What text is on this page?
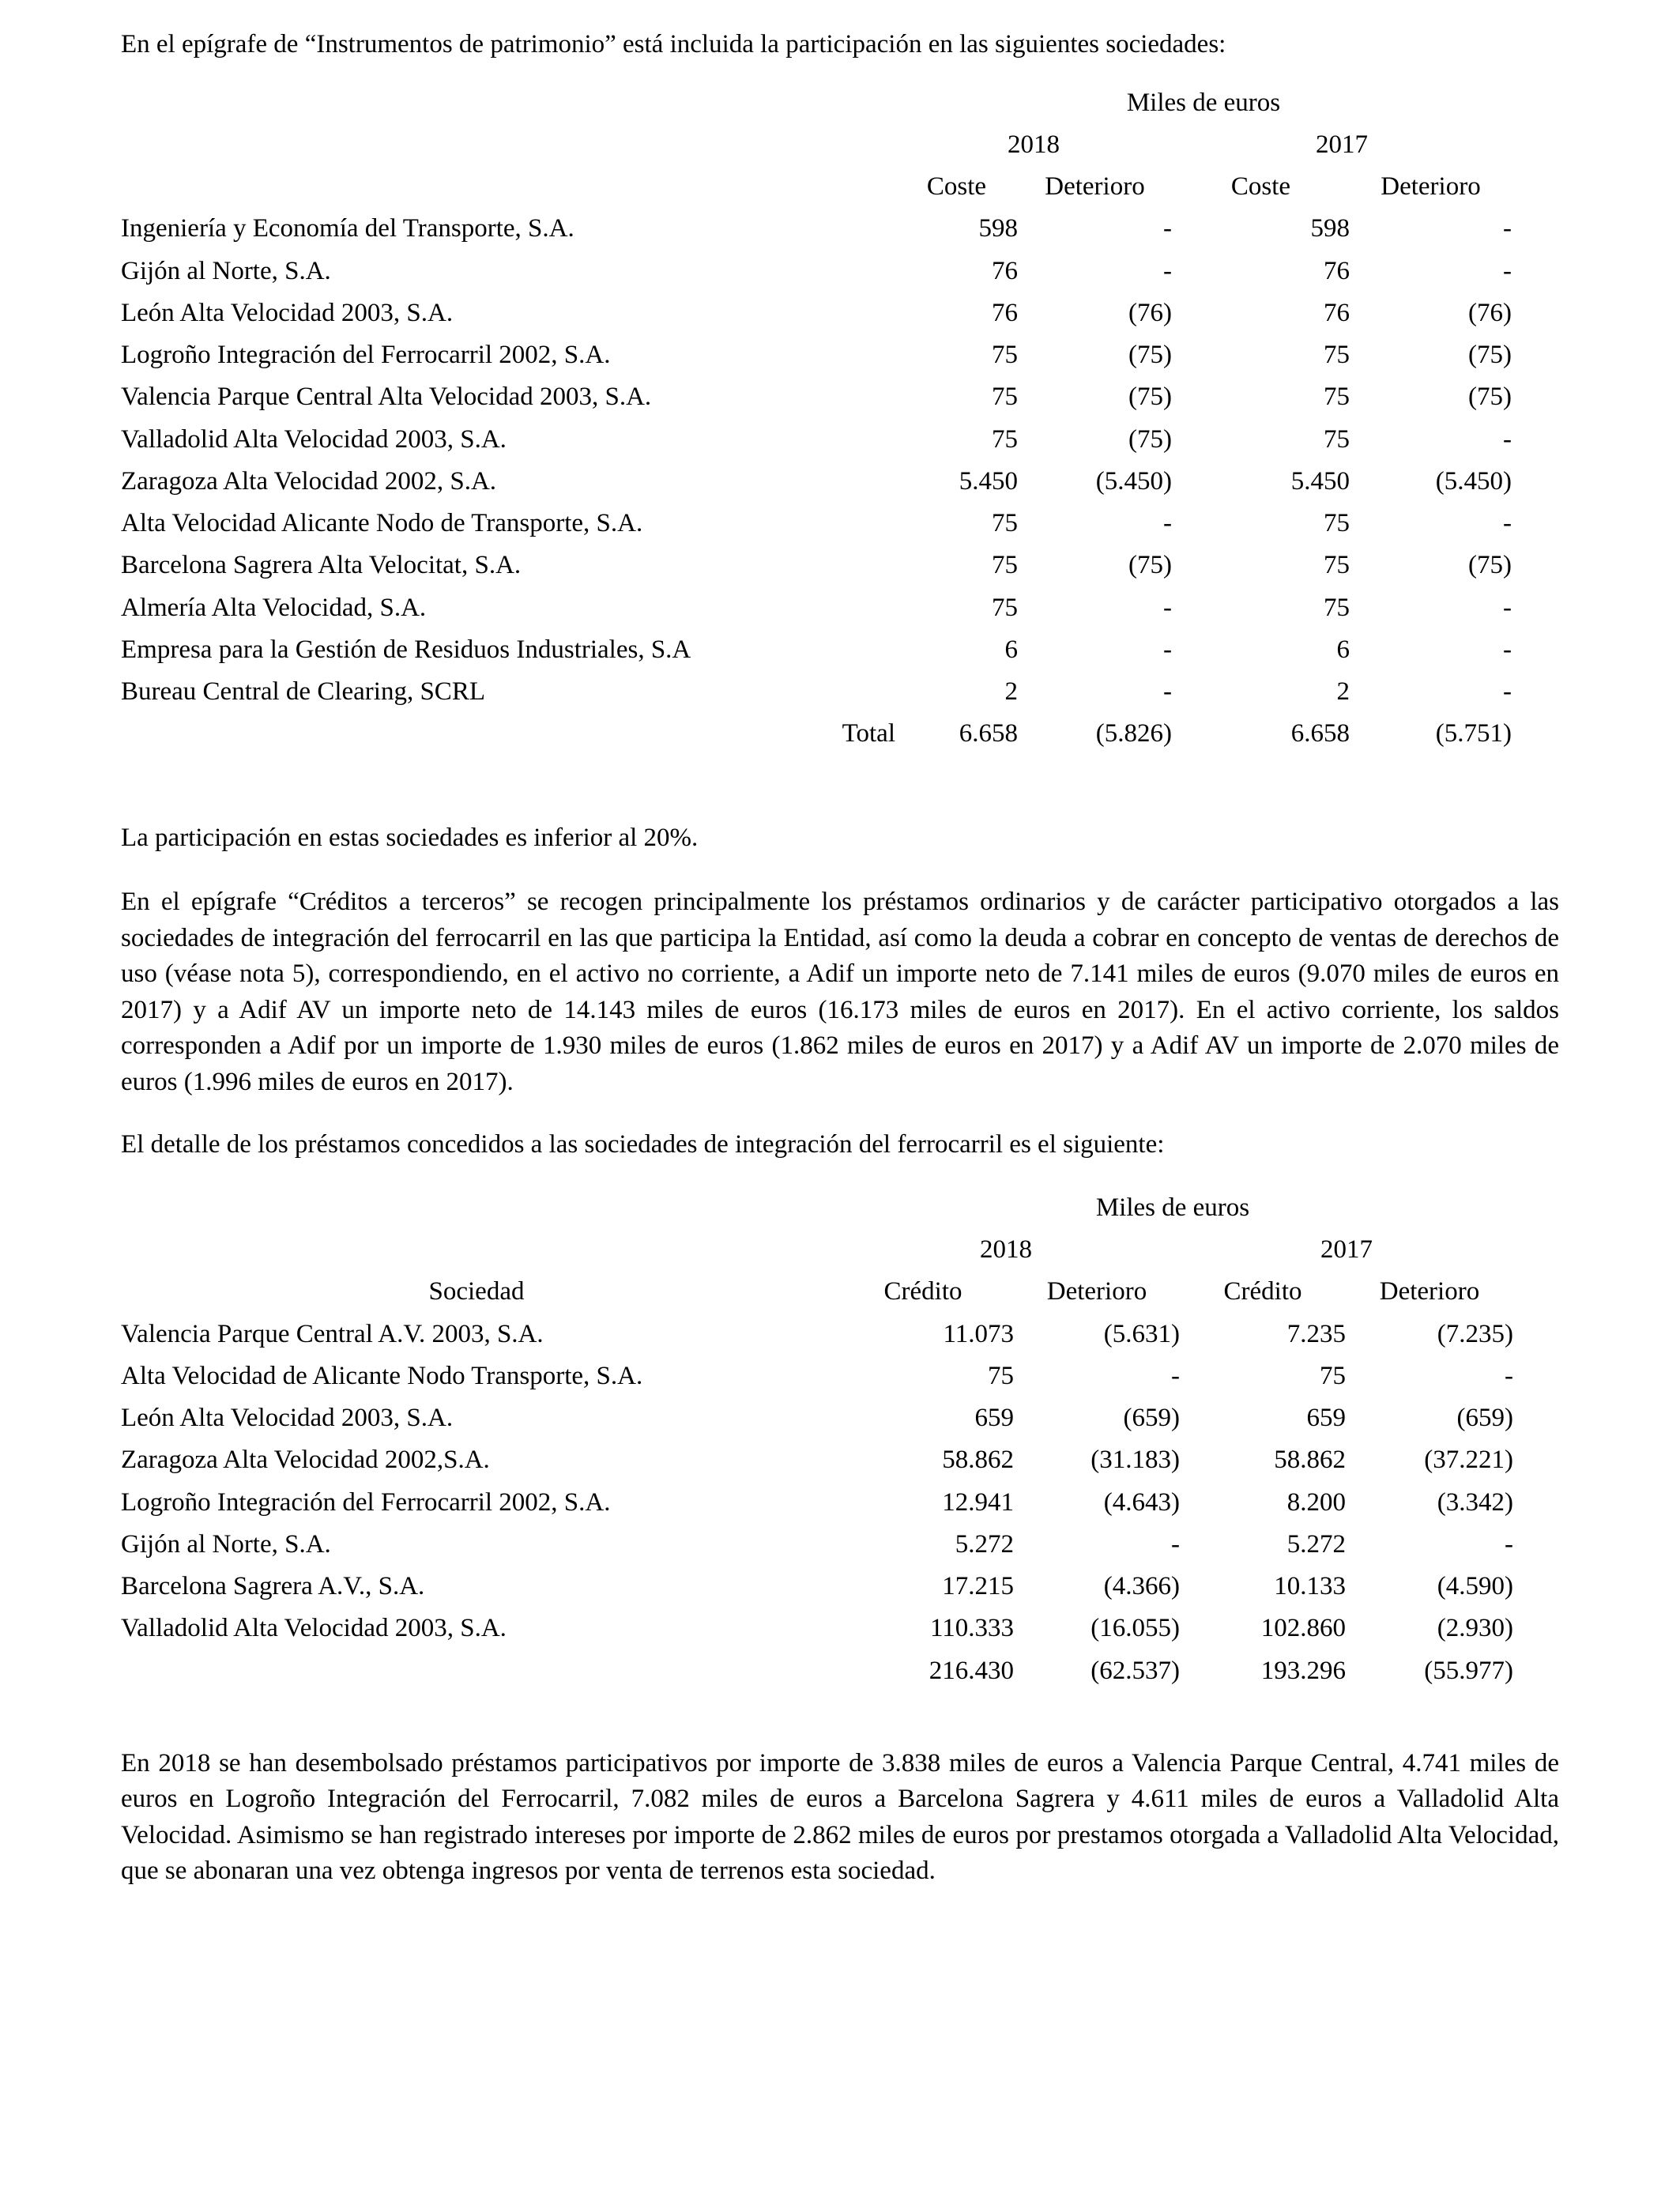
En el epígrafe de “Instrumentos de patrimonio” está incluida la participación en las siguientes sociedades:

	Miles de euros			
	2018		2017	
	Coste	Deterioro	Coste	Deterioro
Ingeniería y Economía del Transporte, S.A.	598	-	598	-
Gijón al Norte, S.A.	76	-	76	-
León Alta Velocidad 2003, S.A.	76	(76)	76	(76)
Logroño Integración del Ferrocarril 2002, S.A.	75	(75)	75	(75)
Valencia Parque Central Alta Velocidad 2003, S.A.	75	(75)	75	(75)
Valladolid Alta Velocidad 2003, S.A.	75	(75)	75	-
Zaragoza Alta Velocidad 2002, S.A.	5.450	(5.450)	5.450	(5.450)
Alta Velocidad Alicante Nodo de Transporte, S.A.	75	-	75	-
Barcelona Sagrera Alta Velocitat, S.A.	75	(75)	75	(75)
Almería Alta Velocidad, S.A.	75	-	75	-
Empresa para la Gestión de Residuos Industriales, S.A	6	-	6	-
Bureau Central de Clearing, SCRL	2	-	2	-
Total	6.658	(5.826)	6.658	(5.751)

La participación en estas sociedades es inferior al 20%.

En el epígrafe “Créditos a terceros” se recogen principalmente los préstamos ordinarios y de carácter participativo otorgados a las sociedades de integración del ferrocarril en las que participa la Entidad, así como la deuda a cobrar en concepto de ventas de derechos de uso (véase nota 5), correspondiendo, en el activo no corriente, a Adif un importe neto de 7.141 miles de euros (9.070 miles de euros en 2017) y a Adif AV un importe neto de 14.143 miles de euros (16.173 miles de euros en 2017). En el activo corriente, los saldos corresponden a Adif por un importe de 1.930 miles de euros (1.862 miles de euros en 2017) y a Adif AV un importe de 2.070 miles de euros (1.996 miles de euros en 2017).

El detalle de los préstamos concedidos a las sociedades de integración del ferrocarril es el siguiente:

	Miles de euros			
	2018		2017	
Sociedad	Crédito	Deterioro	Crédito	Deterioro
Valencia Parque Central A.V. 2003, S.A.	11.073	(5.631)	7.235	(7.235)
Alta Velocidad de Alicante Nodo Transporte, S.A.	75	-	75	-
León Alta Velocidad 2003, S.A.	659	(659)	659	(659)
Zaragoza Alta Velocidad 2002,S.A.	58.862	(31.183)	58.862	(37.221)
Logroño Integración del Ferrocarril 2002, S.A.	12.941	(4.643)	8.200	(3.342)
Gijón al Norte, S.A.	5.272	-	5.272	-
Barcelona Sagrera A.V., S.A.	17.215	(4.366)	10.133	(4.590)
Valladolid Alta Velocidad 2003, S.A.	110.333	(16.055)	102.860	(2.930)
	216.430	(62.537)	193.296	(55.977)

En 2018 se han desembolsado préstamos participativos por importe de 3.838 miles de euros a Valencia Parque Central, 4.741 miles de euros en Logroño Integración del Ferrocarril, 7.082 miles de euros a Barcelona Sagrera y 4.611 miles de euros a Valladolid Alta Velocidad. Asimismo se han registrado intereses por importe de 2.862 miles de euros por prestamos otorgada a Valladolid Alta Velocidad, que se abonaran una vez obtenga ingresos por venta de terrenos esta sociedad.
